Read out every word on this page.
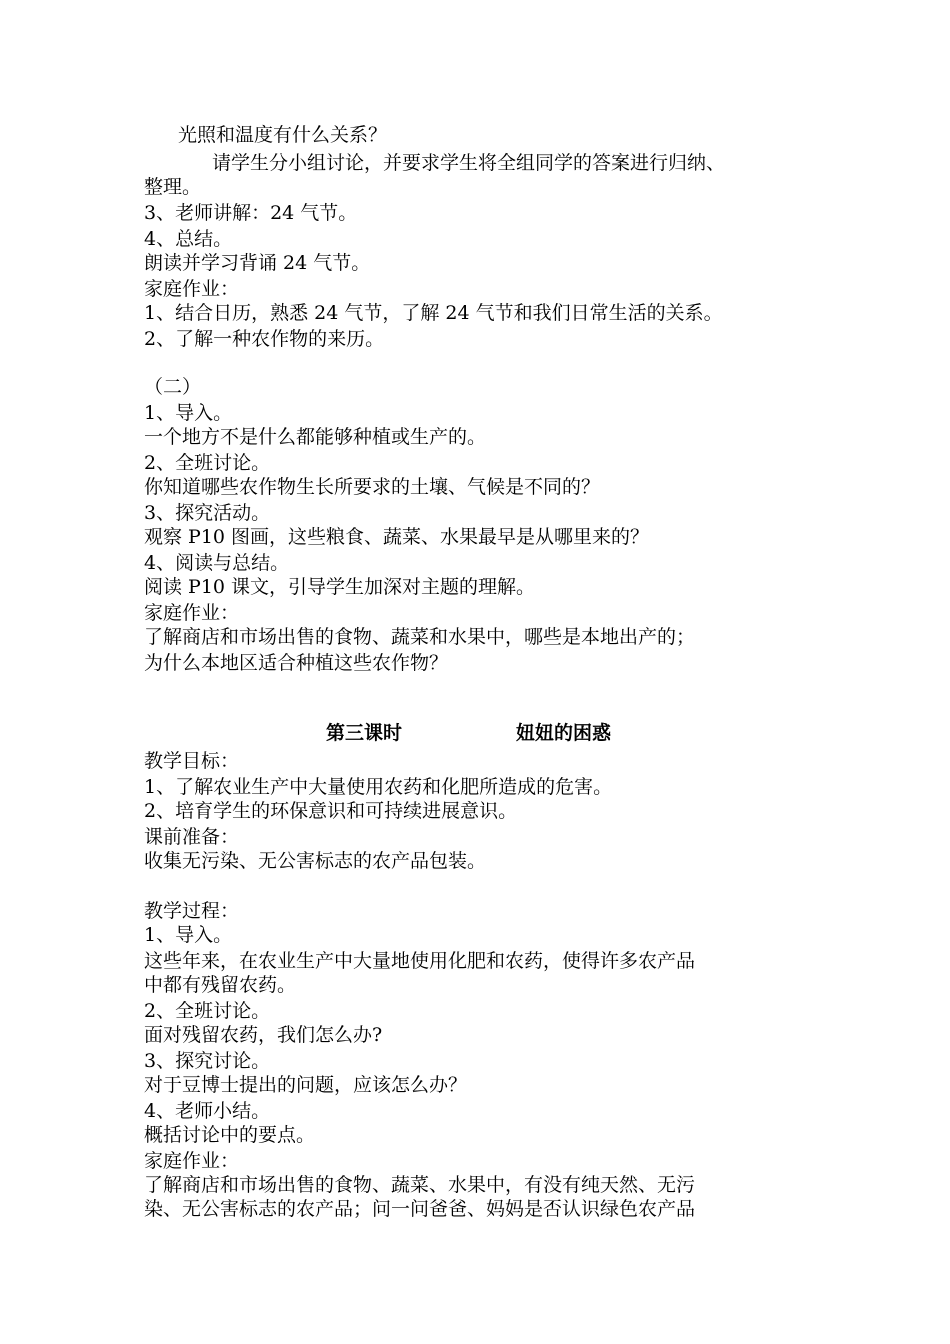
光照和温度有什么关系？
请学生分小组讨论，并要求学生将全组同学的答案进行归纳、
整理。
3、老师讲解：24 气节。
4、总结。
朗读并学习背诵 24 气节。
家庭作业：
1、结合日历，熟悉 24 气节，了解 24 气节和我们日常生活的关系。
2、了解一种农作物的来历。
（二）
1、导入。
一个地方不是什么都能够种植或生产的。
2、全班讨论。
你知道哪些农作物生长所要求的土壤、气候是不同的？
3、探究活动。
观察 P10 图画，这些粮食、蔬菜、水果最早是从哪里来的？
4、阅读与总结。
阅读 P10 课文，引导学生加深对主题的理解。
家庭作业：
了解商店和市场出售的食物、蔬菜和水果中，哪些是本地出产的；
为什么本地区适合种植这些农作物？
第三课时	妞妞的困惑
教学目标：
1、了解农业生产中大量使用农药和化肥所造成的危害。
2、培育学生的环保意识和可持续进展意识。
课前准备：
收集无污染、无公害标志的农产品包装。
教学过程：
1、导入。
这些年来，在农业生产中大量地使用化肥和农药，使得许多农产品
中都有残留农药。
2、全班讨论。
面对残留农药，我们怎么办?
3、探究讨论。
对于豆博士提出的问题，应该怎么办？
4、老师小结。
概括讨论中的要点。
家庭作业：
了解商店和市场出售的食物、蔬菜、水果中，有没有纯天然、无污
染、无公害标志的农产品；问一问爸爸、妈妈是否认识绿色农产品
